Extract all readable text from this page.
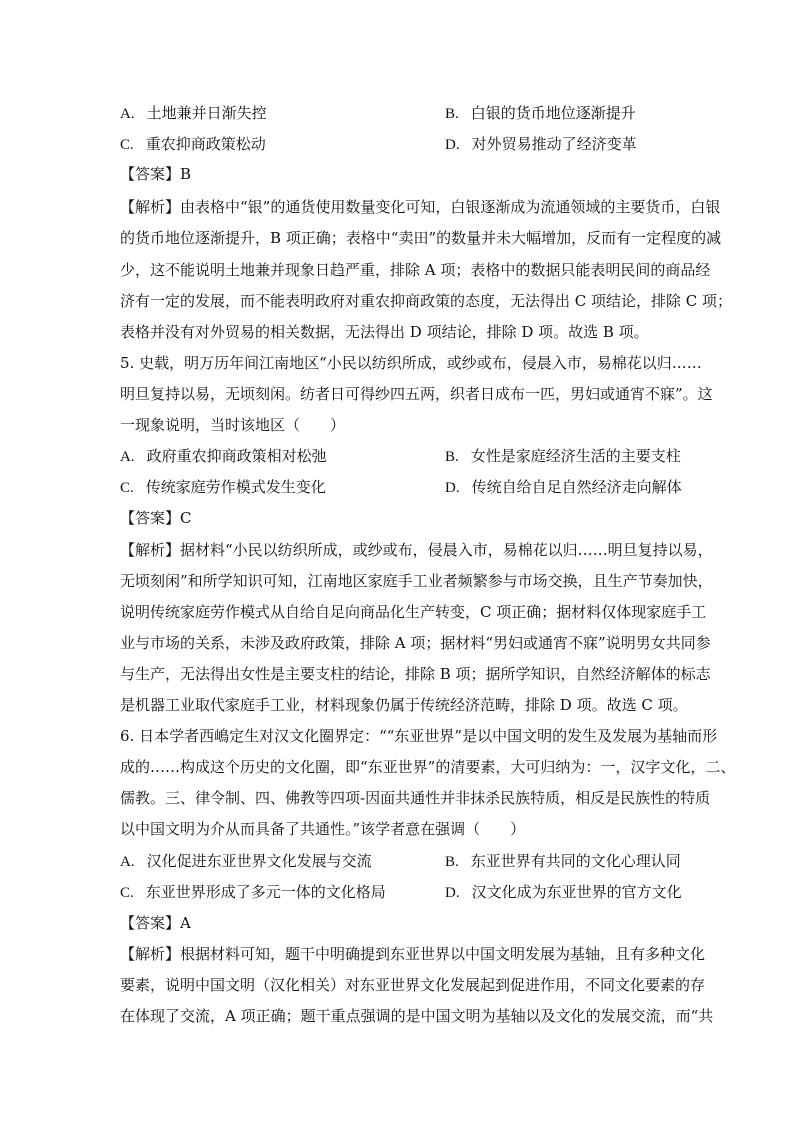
A. 土地兼并日渐失控	B. 白银的货币地位逐渐提升
C. 重农抑商政策松动	D. 对外贸易推动了经济变革
【答案】B
【解析】由表格中“银”的通货使用数量变化可知，白银逐渐成为流通领域的主要货币，白银
的货币地位逐渐提升，B 项正确；表格中“卖田”的数量并未大幅增加，反而有一定程度的减
少，这不能说明土地兼并现象日趋严重，排除 A 项；表格中的数据只能表明民间的商品经
济有一定的发展，而不能表明政府对重农抑商政策的态度，无法得出 C 项结论，排除 C 项；
表格并没有对外贸易的相关数据，无法得出 D 项结论，排除 D 项。故选 B 项。
5. 史载，明万历年间江南地区“小民以纺织所成，或纱或布，侵晨入市，易棉花以归……
明旦复持以易，无顷刻闲。纺者日可得纱四五两，织者日成布一匹，男妇或通宵不寐”。这
一现象说明，当时该地区（　　）
A. 政府重农抑商政策相对松弛	B. 女性是家庭经济生活的主要支柱
C. 传统家庭劳作模式发生变化	D. 传统自给自足自然经济走向解体
【答案】C
【解析】据材料“小民以纺织所成，或纱或布，侵晨入市，易棉花以归……明旦复持以易，
无顷刻闲”和所学知识可知，江南地区家庭手工业者频繁参与市场交换，且生产节奏加快，
说明传统家庭劳作模式从自给自足向商品化生产转变，C 项正确；据材料仅体现家庭手工
业与市场的关系，未涉及政府政策，排除 A 项；据材料“男妇或通宵不寐”说明男女共同参
与生产，无法得出女性是主要支柱的结论，排除 B 项；据所学知识，自然经济解体的标志
是机器工业取代家庭手工业，材料现象仍属于传统经济范畴，排除 D 项。故选 C 项。
6. 日本学者西嶋定生对汉文化圈界定：““东亚世界”是以中国文明的发生及发展为基轴而形
成的……构成这个历史的文化圈，即“东亚世界”的清要素，大可归纳为：一，汉字文化，二、
儒教。三、律令制、四、佛教等四项-因面共通性并非抹杀民族特质，相反是民族性的特质
以中国文明为介从而具备了共通性。”该学者意在强调（　　）
A. 汉化促进东亚世界文化发展与交流	B. 东亚世界有共同的文化心理认同
C. 东亚世界形成了多元一体的文化格局	D. 汉文化成为东亚世界的官方文化
【答案】A
【解析】根据材料可知，题干中明确提到东亚世界以中国文明发展为基轴，且有多种文化
要素，说明中国文明（汉化相关）对东亚世界文化发展起到促进作用，不同文化要素的存
在体现了交流，A 项正确；题干重点强调的是中国文明为基轴以及文化的发展交流，而“共
